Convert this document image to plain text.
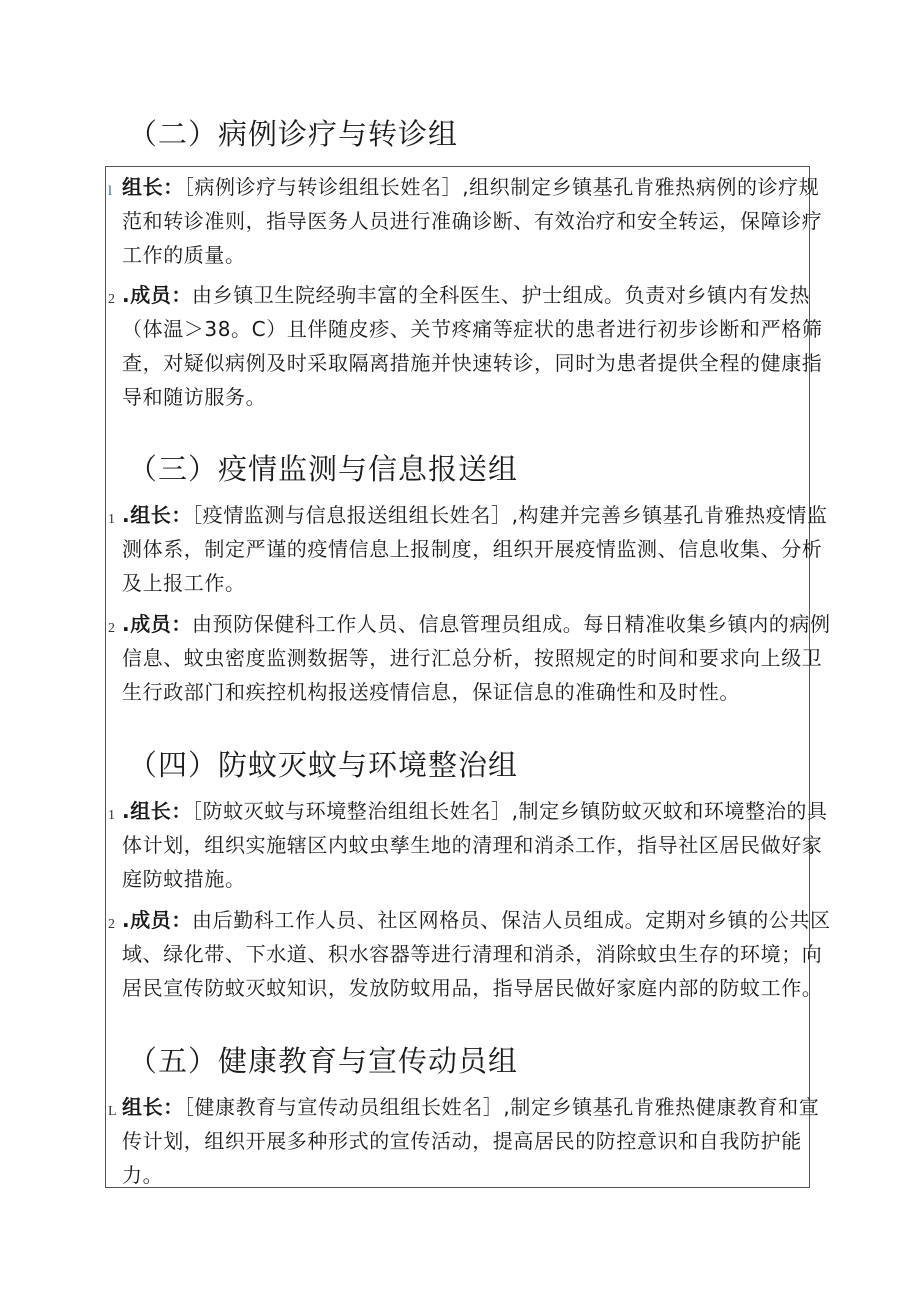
（二）病例诊疗与转诊组
l 组长：［病例诊疗与转诊组组长姓名］,组织制定乡镇基孔肯雅热病例的诊疗规
范和转诊准则，指导医务人员进行准确诊断、有效治疗和安全转运，保障诊疗
工作的质量。
2 .成员：由乡镇卫生院经驹丰富的全科医生、护士组成。负责对乡镇内有发热
（体温＞38。C）且伴随皮疹、关节疼痛等症状的患者进行初步诊断和严格筛
查，对疑似病例及时采取隔离措施并快速转诊，同时为患者提供全程的健康指
导和随访服务。
（三）疫情监测与信息报送组
1 .组长：［疫情监测与信息报送组组长姓名］,构建并完善乡镇基孔肯雅热疫情监
测体系，制定严谨的疫情信息上报制度，组织开展疫情监测、信息收集、分析
及上报工作。
2 .成员：由预防保健科工作人员、信息管理员组成。每日精准收集乡镇内的病例
信息、蚊虫密度监测数据等，进行汇总分析，按照规定的时间和要求向上级卫
生行政部门和疾控机构报送疫情信息，保证信息的准确性和及时性。
（四）防蚊灭蚊与环境整治组
1 .组长：［防蚊灭蚊与环境整治组组长姓名］,制定乡镇防蚊灭蚊和环境整治的具
体计划，组织实施辖区内蚊虫孳生地的清理和消杀工作，指导社区居民做好家
庭防蚊措施。
2 .成员：由后勤科工作人员、社区网格员、保洁人员组成。定期对乡镇的公共区
域、绿化带、下水道、积水容器等进行清理和消杀，消除蚊虫生存的环境；向
居民宣传防蚊灭蚊知识，发放防蚊用品，指导居民做好家庭内部的防蚊工作。
（五）健康教育与宣传动员组
L 组长：［健康教育与宣传动员组组长姓名］,制定乡镇基孔肯雅热健康教育和宣
传计划，组织开展多种形式的宣传活动，提高居民的防控意识和自我防护能
力。
